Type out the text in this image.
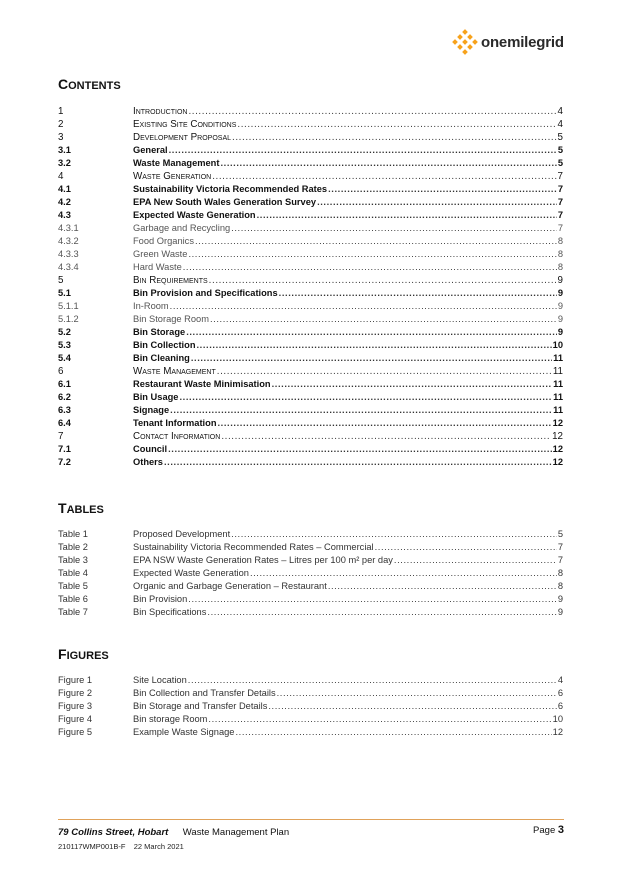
onemilegrid
CONTENTS
1	Introduction .....	4
2	Existing Site Conditions .....	4
3	Development Proposal .....	5
3.1	General .....	5
3.2	Waste Management .....	5
4	Waste Generation .....	7
4.1	Sustainability Victoria Recommended Rates .....	7
4.2	EPA New South Wales Generation Survey .....	7
4.3	Expected Waste Generation .....	7
4.3.1	Garbage and Recycling .....	7
4.3.2	Food Organics .....	8
4.3.3	Green Waste .....	8
4.3.4	Hard Waste .....	8
5	Bin Requirements .....	9
5.1	Bin Provision and Specifications .....	9
5.1.1	In-Room .....	9
5.1.2	Bin Storage Room .....	9
5.2	Bin Storage .....	9
5.3	Bin Collection .....	10
5.4	Bin Cleaning .....	11
6	Waste Management .....	11
6.1	Restaurant Waste Minimisation .....	11
6.2	Bin Usage .....	11
6.3	Signage .....	11
6.4	Tenant Information .....	12
7	Contact Information .....	12
7.1	Council .....	12
7.2	Others .....	12
TABLES
Table 1	Proposed Development .....	5
Table 2	Sustainability Victoria Recommended Rates – Commercial .....	7
Table 3	EPA NSW Waste Generation Rates – Litres per 100 m² per day .....	7
Table 4	Expected Waste Generation .....	8
Table 5	Organic and Garbage Generation – Restaurant .....	8
Table 6	Bin Provision .....	9
Table 7	Bin Specifications .....	9
FIGURES
Figure 1	Site Location .....	4
Figure 2	Bin Collection and Transfer Details .....	6
Figure 3	Bin Storage and Transfer Details .....	6
Figure 4	Bin storage Room .....	10
Figure 5	Example Waste Signage .....	12
79 Collins Street, Hobart Waste Management Plan
210117WMP001B-F 22 March 2021
Page 3
